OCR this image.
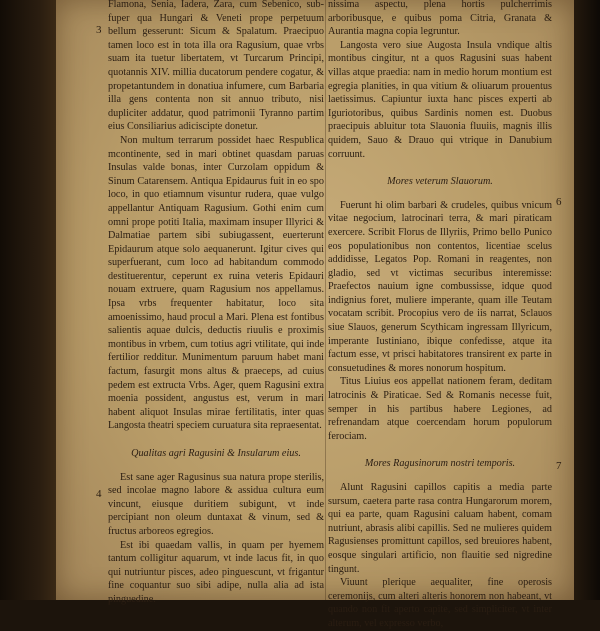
Flamona, Senia, Iadera, Zara, cum Sebenico, sub-fuper qua Hungari & Veneti prope perpetuum bellum gesserunt: Sicum & Spalatum. Praecipuo tamen loco est in tota illa ora Ragusium, quae vrbs suam ita tuetur libertatem, vt Turcarum Principi, quotannis XIV. millia ducatorum pendere cogatur, & propetantundem in donatiua infumere, cum Barbaria illa gens contenta non sit annuo tributo, nisi dupliciter addatur, quod patrimonii Tyranno partim eius Consiliarius adiciscipte donetur.

Non multum terrarum possidet haec Respublica mcontinente, sed in mari obtinet quasdam paruas Insulas valde bonas, inter Curzolam oppidum & Sinum Catarensem. Antiqua Epidaurus fuit in eo spo loco, in quo etiamnum visuntur rudera, quae vulgo appellantur Antiquam Ragusium. Gothi enim cum omni prope potiti Italia, maximam insuper Illyrici & Dalmatiae partem sibi subiugassent, euerterunt Epidaurum atque solo aequanerunt. Igitur cives qui superfuerant, cum loco ad habitandum commodo destituerentur, ceperunt ex ruina veteris Epidauri nouam extruere, quam Ragusium nos appellamus. Ipsa vrbs frequenter habitatur, loco sita amoenissimo, haud procul a Mari. Plena est fontibus salientis aquae dulcis, deductis riuulis e proximis montibus in vrbem, cum totius agri vtilitate, qui inde fertilior redditur. Munimentum paruum habet mani factum, fasurgit mons altus & praeceps, ad cuius pedem est extructa Vrbs. Ager, quem Ragusini extra moenia possident, angustus est, verum in mari habent aliquot Insulas mirae fertilitatis, inter quas Langosta theatri speciem curuatura sita repraesentat.

Qualitas agri Ragusini & Insularum eius.

Est sane ager Ragusinus sua natura prope sterilis, sed incolae magno labore & assidua cultura eum vincunt, eiusque duritiem subigunt, vt inde percipiant non oleum duntaxat & vinum, sed & fructus arboreos egregios.

Est ibi quaedam vallis, in quam per hyemem tantum colligitur aquarum, vt inde lacus fit, in quo qui nutriuntur pisces, adeo pinguescunt, vt frigantur fine coquantur suo sibi adipe, nulla alia ad ista pinguedine.

nissima aspectu, plena hortis pulcherrimis arboribusque, e quibus poma Citria, Granata & Aurantia magna copia legruntur.

Langosta vero siue Augosta Insula vndique altis montibus cingitur, nt a quos Ragusini suas habent villas atque praedia: nam in medio horum montium est egregia planities, in qua vitium & oliuarum prouentus laetissimus. Capiuntur iuxta hanc pisces experti ab Iguriotoribus, quibus Sardinis nomen est. Duobus praecipuis abluitur tota Slauonia fluuiis, magnis illis quidem, Sauo & Drauo qui vtrique in Danubium corruunt.

Mores veterum Slauorum.

Fuerunt hi olim barbari & crudeles, quibus vnicum vitae negocium, latrocinari terra, & mari piraticam exercere. Scribit Florus de Illyriis, Primo bello Punico eos populationibus non contentos, licentiae scelus addidisse, Legatos Pop. Romani in reagentes, non gladio, sed vt victimas securibus interemisse: Praefectos nauium igne combussisse, idque quod indignius foret, muliere imperante, quam ille Teutam vocatam scribit. Procopius vero de iis narrat, Sclauos siue Slauos, generum Scythicam ingressam Illyricum, imperante Iustiniano, ibique confedisse, atque ita factum esse, vt prisci habitatores transirent ex parte in consuetudines & mores nonorum hospitum.

Titus Liuius eos appellat nationem feram, deditam latrocinis & Piraticae. Sed & Romanis necesse fuit, semper in his partibus habere Legiones, ad refrenandam atque coercendam horum populorum ferociam.

Mores Ragusinorum nostri temporis.

Alunt Ragusini capillos capitis a media parte sursum, caetera parte rasa contra Hungarorum morem, qui ea parte, quam Ragusini caluam habent, comam nutriunt, abrasis alibi capillis. Sed ne mulieres quidem Ragusienses promittunt capillos, sed breuiores habent, eosque singulari artificio, non flauitie sed nigredine tingunt.

Viuunt plerique aequaliter, fine operosis ceremonijs, cum alteri alteris honorem non habeant, vt quando non fit aperto capite, sed simpliciter, vt inter alterum, vel expresso verbo,

3
4
6
7
